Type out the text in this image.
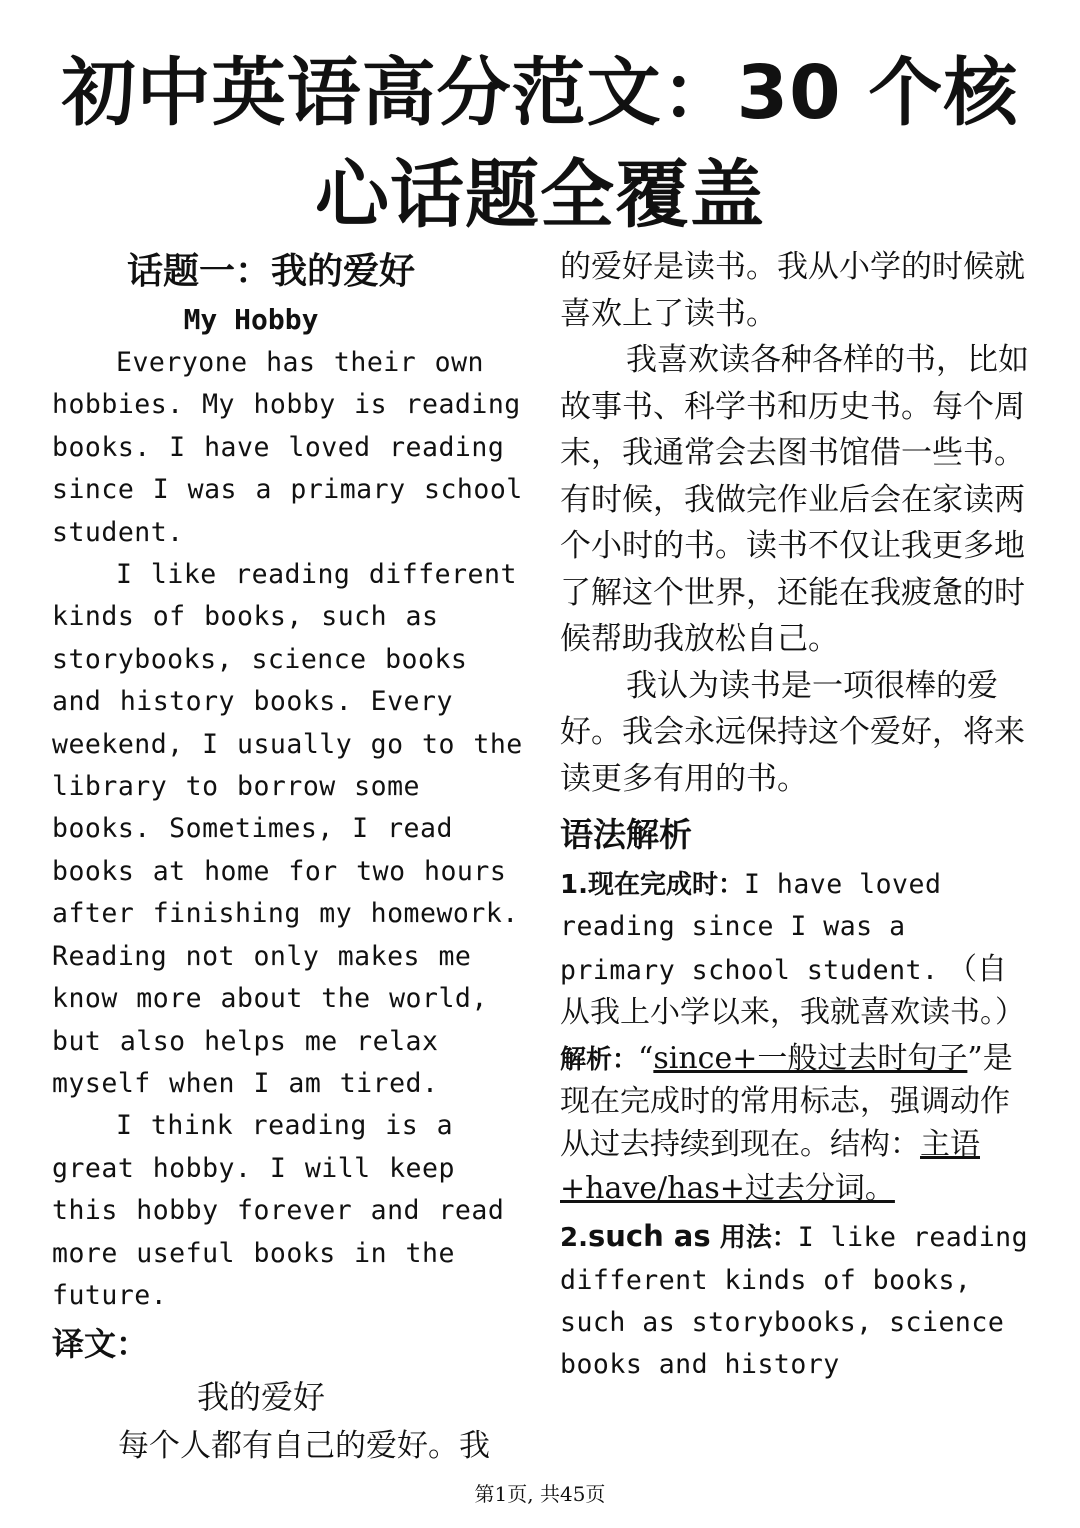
初中英语高分范文：30 个核
心话题全覆盖

话题一：我的爱好

My Hobby

Everyone has their own hobbies. My hobby is reading books. I have loved reading since I was a primary school student.

I like reading different kinds of books, such as storybooks, science books and history books. Every weekend, I usually go to the library to borrow some books. Sometimes, I read books at home for two hours after finishing my homework. Reading not only makes me know more about the world, but also helps me relax myself when I am tired.

I think reading is a great hobby. I will keep this hobby forever and read more useful books in the future.

译文：

我的爱好

每个人都有自己的爱好。我

的爱好是读书。我从小学的时候就喜欢上了读书。

我喜欢读各种各样的书，比如故事书、科学书和历史书。每个周末，我通常会去图书馆借一些书。有时候，我做完作业后会在家读两个小时的书。读书不仅让我更多地了解这个世界，还能在我疲惫的时候帮助我放松自己。

我认为读书是一项很棒的爱好。我会永远保持这个爱好，将来读更多有用的书。

语法解析

1.现在完成时：I have loved reading since I was a primary school student. （自从我上小学以来，我就喜欢读书。）

解析：“since+一般过去时句子”是现在完成时的常用标志，强调动作从过去持续到现在。结构：主语+have/has+过去分词。

2.such as 用法：I like reading different kinds of books, such as storybooks, science books and history

第1页, 共45页
